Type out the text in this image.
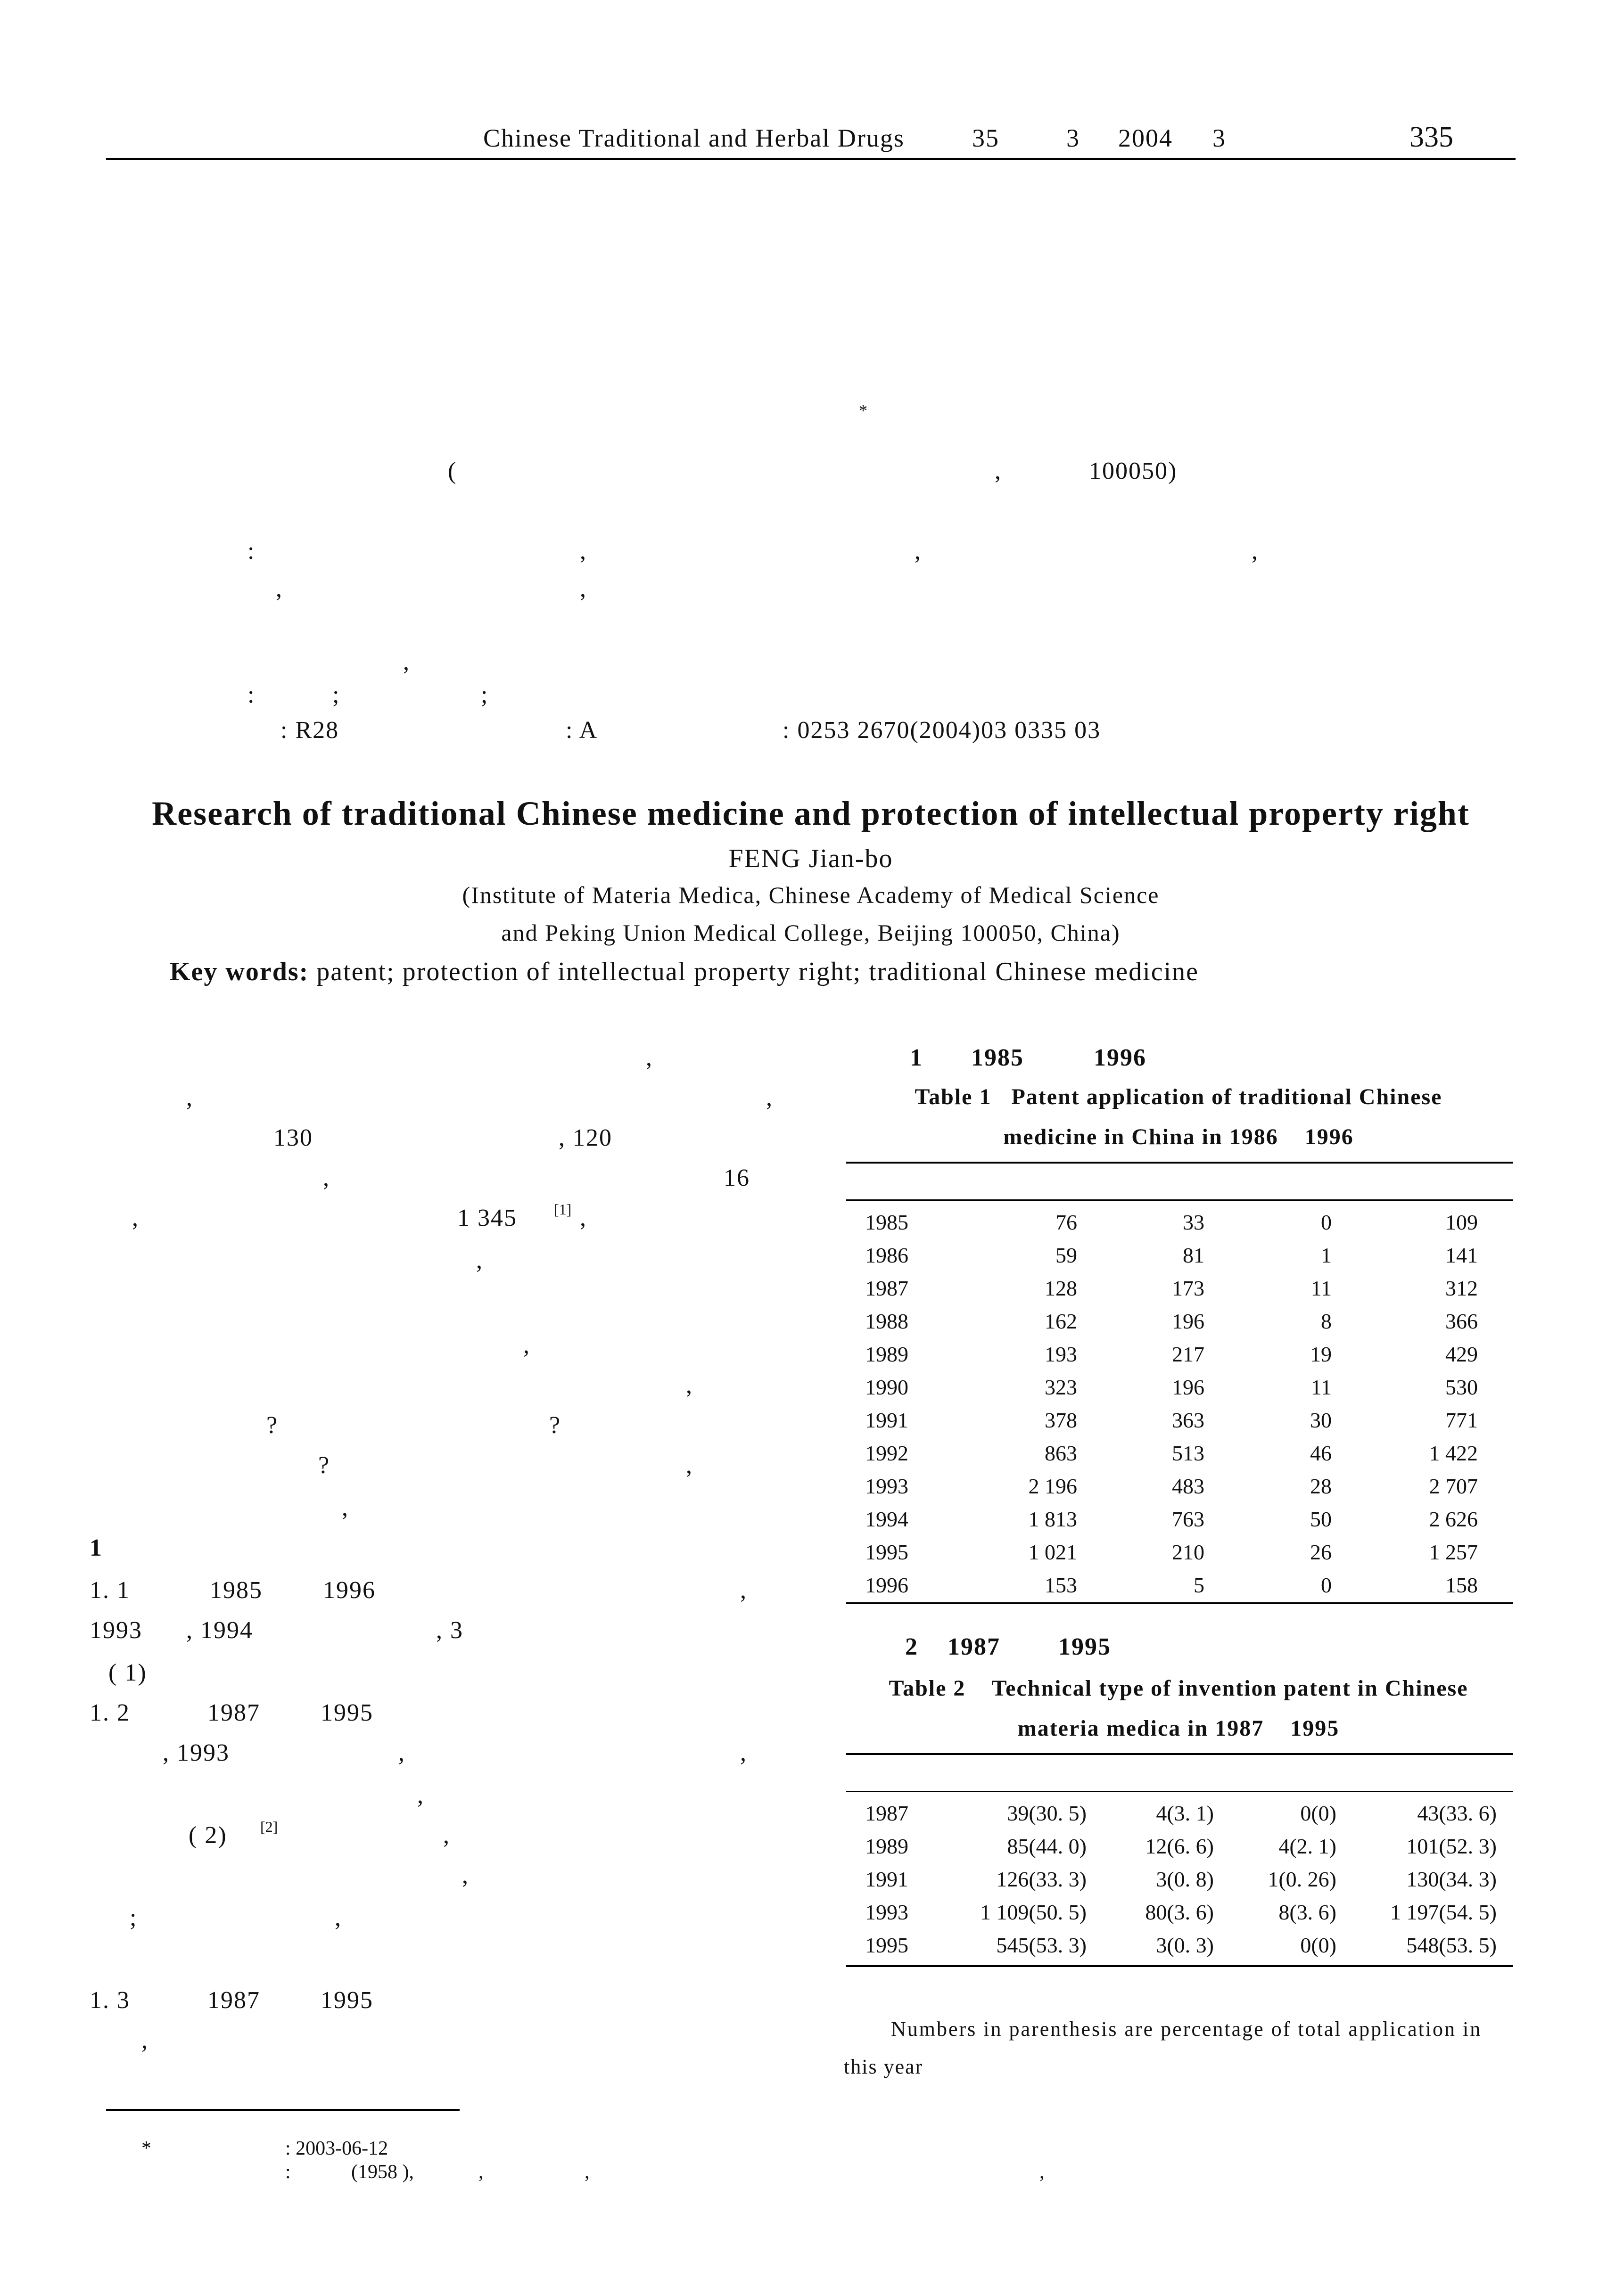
Chinese Traditional and Herbal Drugs	35	3 2004 3	335
*
(	,	100050)
:	,	,	,
,	,
,
:	;	;
: R28	: A	: 0253 2670(2004)03 0335 03
Research of traditional Chinese medicine and protection of intellectual property right
FENG Jian-bo
(Institute of Materia Medica, Chinese Academy of Medical Science
and Peking Union Medical College, Beijing 100050, China)
Key words: patent; protection of intellectual property right; traditional Chinese medicine
,
,	,
130	, 120
,	16
,	1 345 [1] ,
,
,
,
?	?
?	,
,
1
1. 1	1985 1996	,
1993 , 1994	, 3
( 1)
1. 2	1987 1995
, 1993	,	,
,
( 2) [2]	,
,
;	,
1. 3	1987 1995
,
*	: 2003-06-12
:	(1958 ),	,	,	,
1 1985	1996
Table 1   Patent application of traditional Chinese
medicine in China in 1986    1996
1985	76	33	0	109
1986	59	81	1	141
1987	128	173	11	312
1988	162	196	8	366
1989	193	217	19	429
1990	323	196	11	530
1991	378	363	30	771
1992	863	513	46	1 422
1993	2 196	483	28	2 707
1994	1 813	763	50	2 626
1995	1 021	210	26	1 257
1996	153	5	0	158
2 1987 1995
Table 2    Technical type of invention patent in Chinese
materia medica in 1987    1995
1987	39(30. 5)	4(3. 1)	0(0)	43(33. 6)
1989	85(44. 0)	12(6. 6)	4(2. 1)	101(52. 3)
1991	126(33. 3)	3(0. 8)	1(0. 26)	130(34. 3)
1993	1 109(50. 5)	80(3. 6)	8(3. 6)	1 197(54. 5)
1995	545(53. 3)	3(0. 3)	0(0)	548(53. 5)
Numbers in parenthesis are percentage of total application in
this year
